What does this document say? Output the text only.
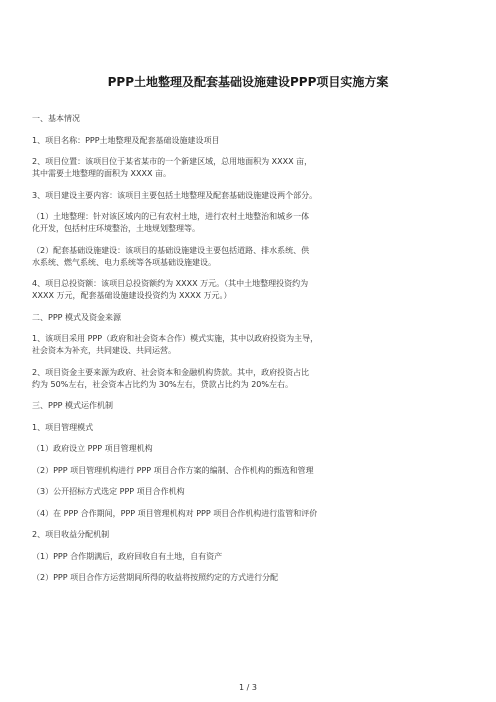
PPP土地整理及配套基础设施建设PPP项目实施方案
一、基本情况
1、项目名称：PPP土地整理及配套基础设施建设项目
2、项目位置：该项目位于某省某市的一个新建区域，总用地面积为 XXXX 亩，
其中需要土地整理的面积为 XXXX 亩。
3、项目建设主要内容：该项目主要包括土地整理及配套基础设施建设两个部分。
（1）土地整理：针对该区域内的已有农村土地，进行农村土地整治和城乡一体
化开发，包括村庄环境整治，土地规划整理等。
（2）配套基础设施建设：该项目的基础设施建设主要包括道路、排水系统、供
水系统、燃气系统、电力系统等各项基础设施建设。
4、项目总投资额：该项目总投资额约为 XXXX 万元。（其中土地整理投资约为
XXXX 万元，配套基础设施建设投资约为 XXXX 万元。）
二、PPP 模式及资金来源
1、该项目采用 PPP（政府和社会资本合作）模式实施，其中以政府投资为主导，
社会资本为补充，共同建设、共同运营。
2、项目资金主要来源为政府、社会资本和金融机构贷款。其中，政府投资占比
约为 50%左右，社会资本占比约为 30%左右，贷款占比约为 20%左右。
三、PPP 模式运作机制
1、项目管理模式
（1）政府设立 PPP 项目管理机构
（2）PPP 项目管理机构进行 PPP 项目合作方案的编制、合作机构的甄选和管理
（3）公开招标方式选定 PPP 项目合作机构
（4）在 PPP 合作期间，PPP 项目管理机构对 PPP 项目合作机构进行监管和评价
2、项目收益分配机制
（1）PPP 合作期满后，政府回收自有土地，自有资产
（2）PPP 项目合作方运营期间所得的收益将按照约定的方式进行分配
1 / 3
